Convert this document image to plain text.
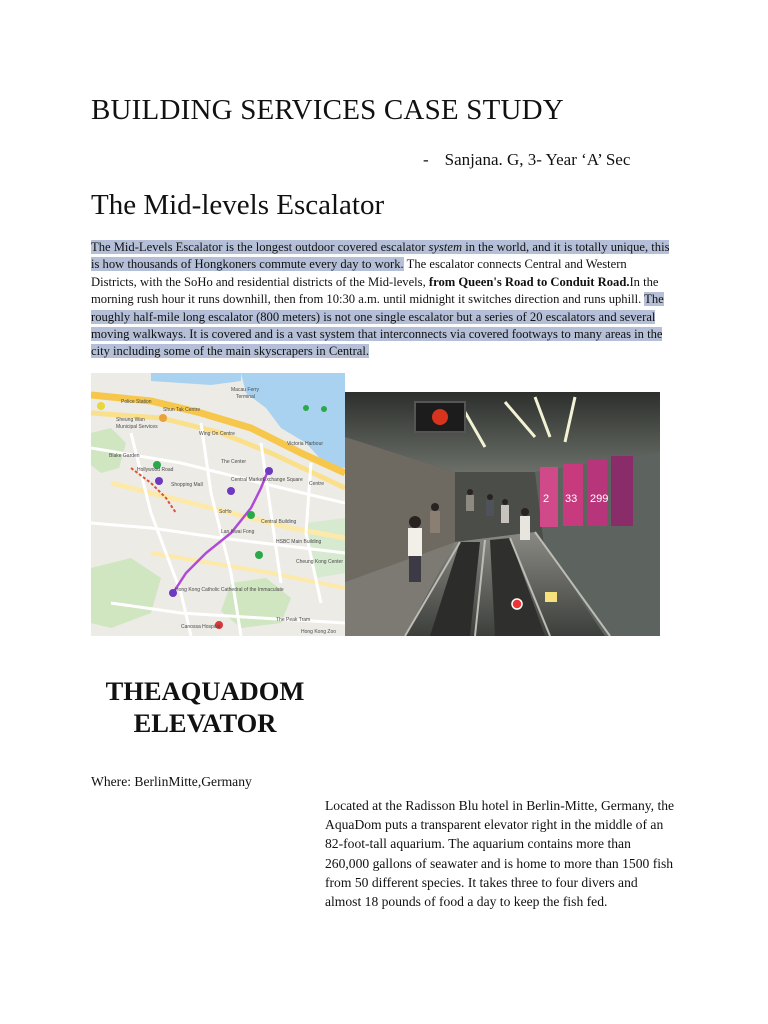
BUILDING SERVICES CASE STUDY
- Sanjana. G, 3- Year ‘A’ Sec
The Mid-levels Escalator
The Mid-Levels Escalator is the longest outdoor covered escalator system in the world, and it is totally unique, this is how thousands of Hongkoners commute every day to work. The escalator connects Central and Western Districts, with the SoHo and residential districts of the Mid-levels, from Queen's Road to Conduit Road.In the morning rush hour it runs downhill, then from 10:30 a.m. until midnight it switches direction and runs uphill. The roughly half-mile long escalator (800 meters) is not one single escalator but a series of 20 escalators and several moving walkways. It is covered and is a vast system that interconnects via covered footways to many areas in the city including some of the main skyscrapers in Central.
Police Station
Macau Ferry
Terminal
Shun Tak Centre
Sheung Wan
Municipal Services
Wing On Centre
Victoria Harbour
Blake Garden
Hollywood Road
Shopping Mall
Central Market Exchange Square
The Center
Centre
SoHo
Lan Kwai Fong
Central Building
HSBC Main Building
Cheung Kong Center
Hong Kong Catholic Cathedral of the Immaculate
Canossa Hospital
The Peak Tram
Hong Kong Zoo
2 33 299
THEAQUADOM
ELEVATOR
Where: BerlinMitte,Germany
Located at the Radisson Blu hotel in Berlin-Mitte, Germany, the AquaDom puts a transparent elevator right in the middle of an 82-foot-tall aquarium. The aquarium contains more than 260,000 gallons of seawater and is home to more than 1500 fish from 50 different species. It takes three to four divers and almost 18 pounds of food a day to keep the fish fed.
